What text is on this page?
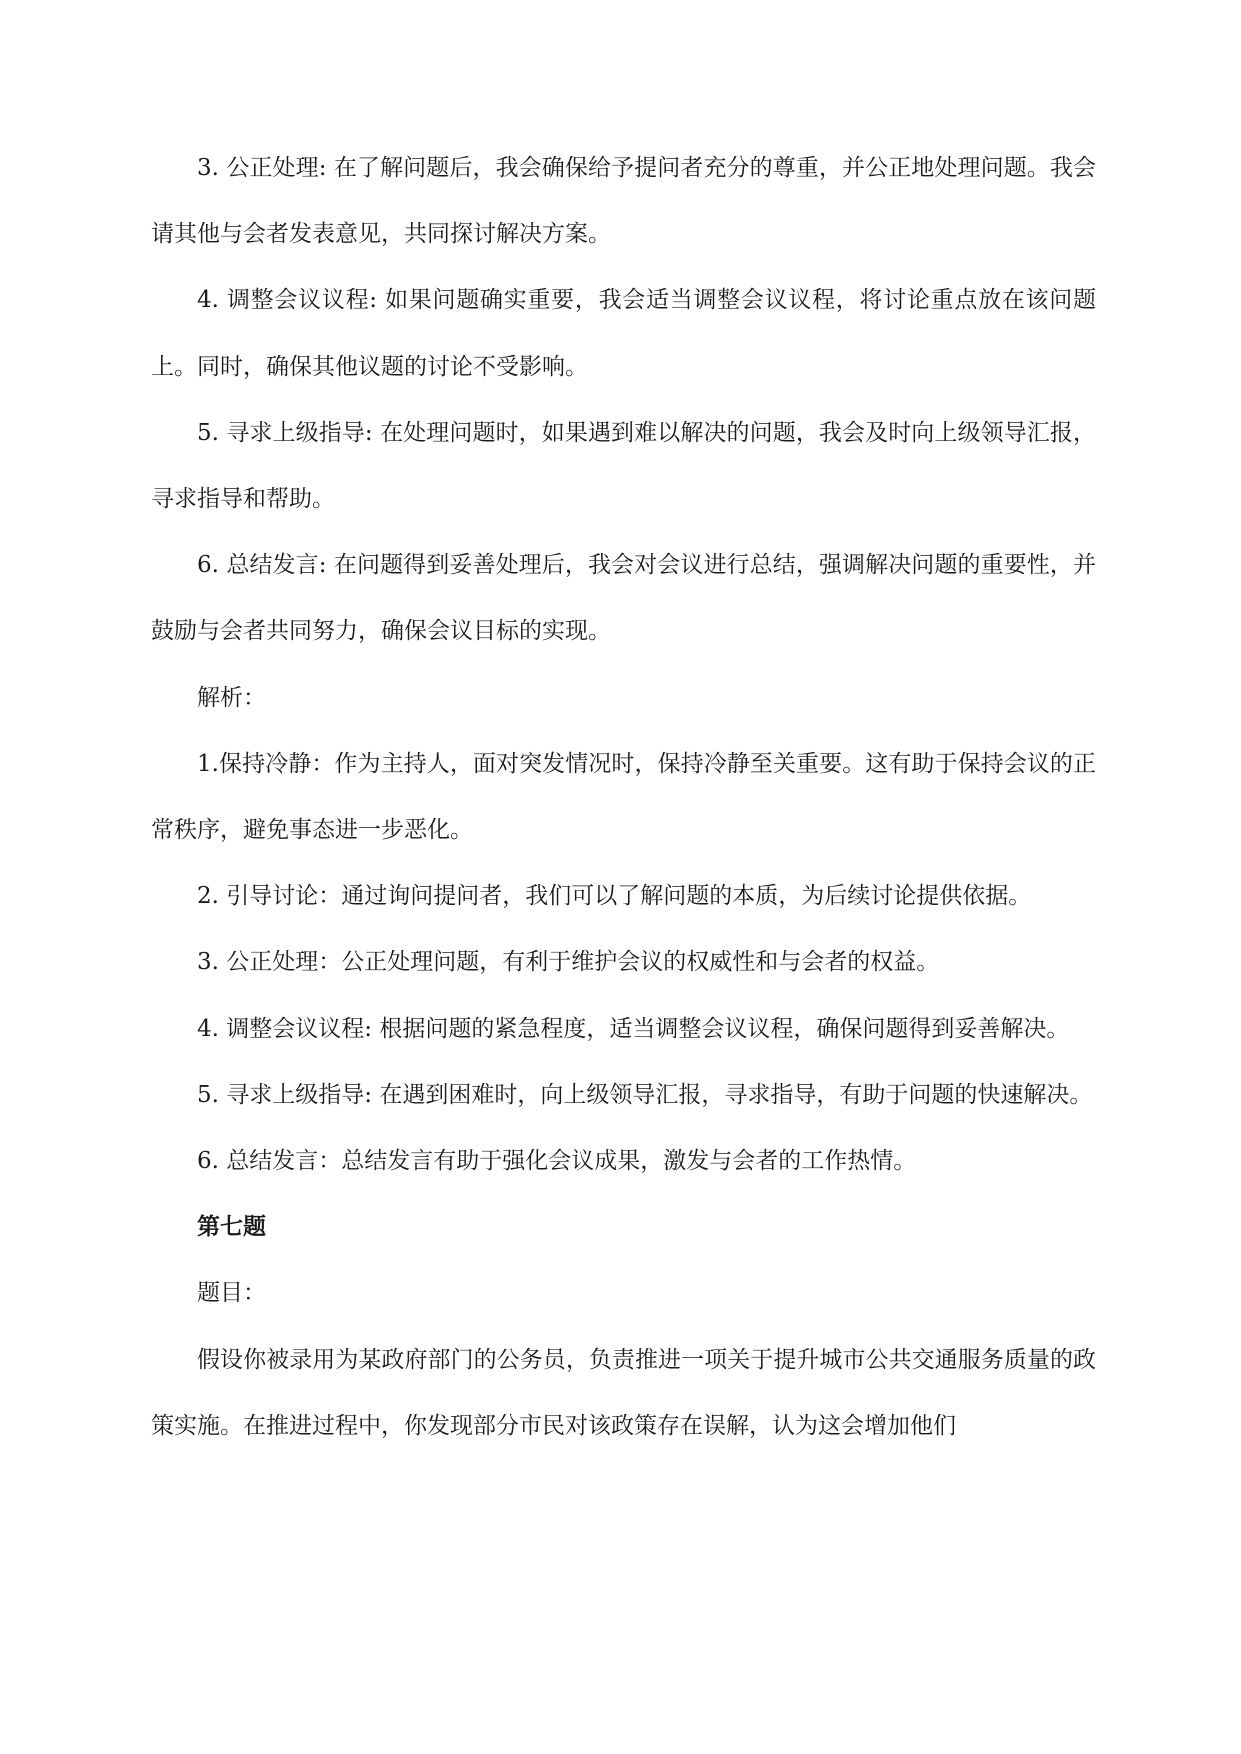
3. 公正处理: 在了解问题后，我会确保给予提问者充分的尊重，并公正地处理问题。我会请其他与会者发表意见，共同探讨解决方案。

4. 调整会议议程: 如果问题确实重要，我会适当调整会议议程，将讨论重点放在该问题上。同时，确保其他议题的讨论不受影响。

5. 寻求上级指导: 在处理问题时，如果遇到难以解决的问题，我会及时向上级领导汇报，寻求指导和帮助。

6. 总结发言: 在问题得到妥善处理后，我会对会议进行总结，强调解决问题的重要性，并鼓励与会者共同努力，确保会议目标的实现。

解析：

1.保持冷静：作为主持人，面对突发情况时，保持冷静至关重要。这有助于保持会议的正常秩序，避免事态进一步恶化。

2. 引导讨论：通过询问提问者，我们可以了解问题的本质，为后续讨论提供依据。

3. 公正处理：公正处理问题，有利于维护会议的权威性和与会者的权益。

4. 调整会议议程: 根据问题的紧急程度，适当调整会议议程，确保问题得到妥善解决。

5. 寻求上级指导: 在遇到困难时，向上级领导汇报，寻求指导，有助于问题的快速解决。

6. 总结发言：总结发言有助于强化会议成果，激发与会者的工作热情。

第七题

题目：

假设你被录用为某政府部门的公务员，负责推进一项关于提升城市公共交通服务质量的政策实施。在推进过程中，你发现部分市民对该政策存在误解，认为这会增加他们
